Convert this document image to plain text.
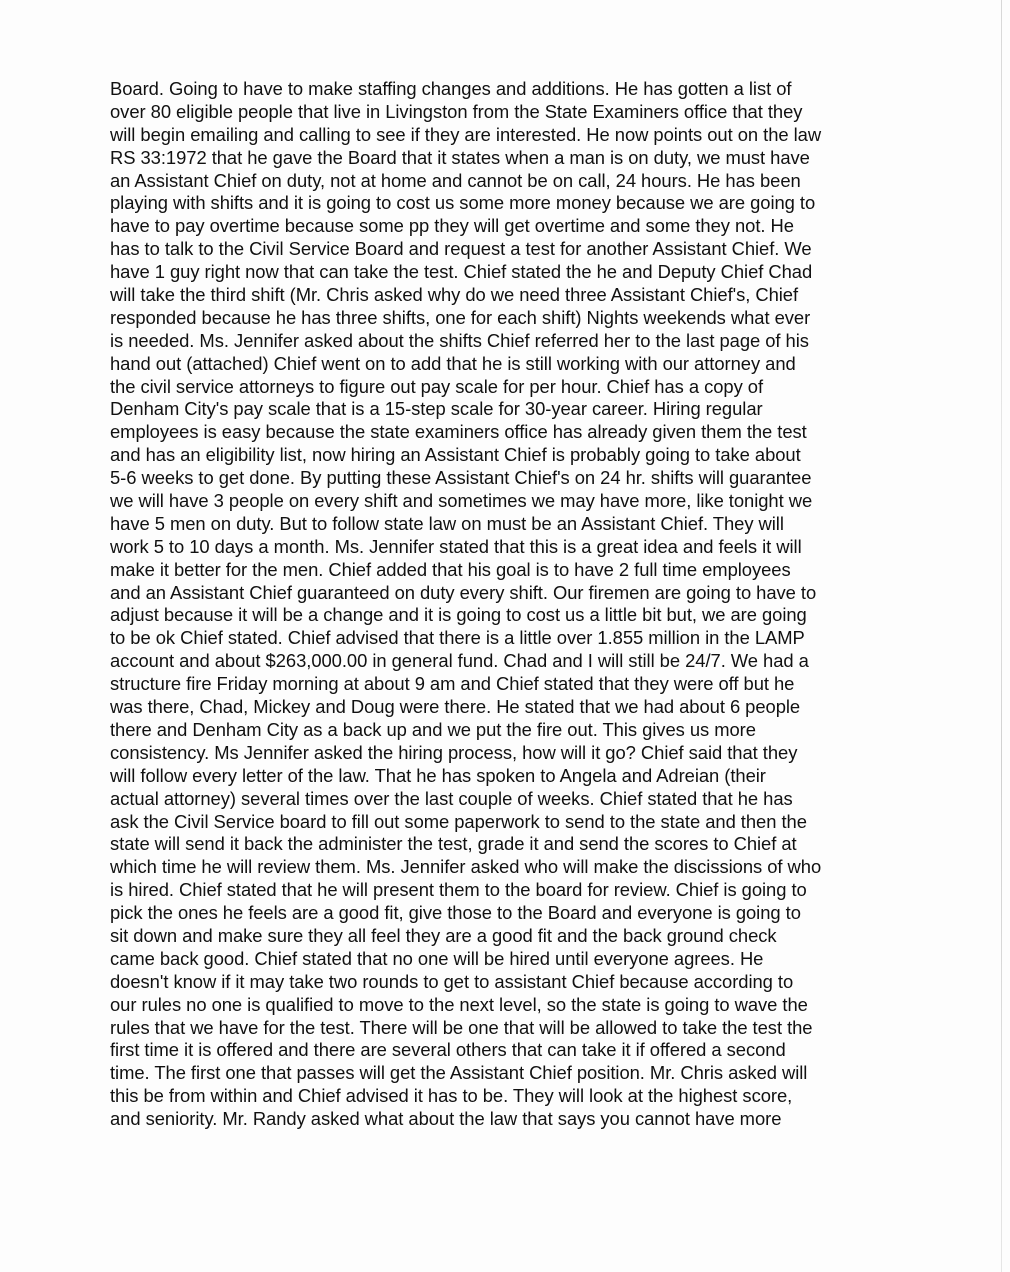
Board. Going to have to make staffing changes and additions. He has gotten a list of
over 80 eligible people that live in Livingston from the State Examiners office that they
will begin emailing and calling to see if they are interested. He now points out on the law
RS 33:1972 that he gave the Board that it states when a man is on duty, we must have
an Assistant Chief on duty, not at home and cannot be on call, 24 hours. He has been
playing with shifts and it is going to cost us some more money because we are going to
have to pay overtime because some pp they will get overtime and some they not. He
has to talk to the Civil Service Board and request a test for another Assistant Chief. We
have 1 guy right now that can take the test. Chief stated the he and Deputy Chief Chad
will take the third shift (Mr. Chris asked why do we need three Assistant Chief's, Chief
responded because he has three shifts, one for each shift) Nights weekends what ever
is needed. Ms. Jennifer asked about the shifts Chief referred her to the last page of his
hand out (attached) Chief went on to add that he is still working with our attorney and
the civil service attorneys to figure out pay scale for per hour. Chief has a copy of
Denham City's pay scale that is a 15-step scale for 30-year career. Hiring regular
employees is easy because the state examiners office has already given them the test
and has an eligibility list, now hiring an Assistant Chief is probably going to take about
5-6 weeks to get done. By putting these Assistant Chief's on 24 hr. shifts will guarantee
we will have 3 people on every shift and sometimes we may have more, like tonight we
have 5 men on duty. But to follow state law on must be an Assistant Chief. They will
work 5 to 10 days a month. Ms. Jennifer stated that this is a great idea and feels it will
make it better for the men. Chief added that his goal is to have 2 full time employees
and an Assistant Chief guaranteed on duty every shift. Our firemen are going to have to
adjust because it will be a change and it is going to cost us a little bit but, we are going
to be ok Chief stated. Chief advised that there is a little over 1.855 million in the LAMP
account and about $263,000.00 in general fund. Chad and I will still be 24/7. We had a
structure fire Friday morning at about 9 am and Chief stated that they were off but he
was there, Chad, Mickey and Doug were there. He stated that we had about 6 people
there and Denham City as a back up and we put the fire out. This gives us more
consistency. Ms Jennifer asked the hiring process, how will it go? Chief said that they
will follow every letter of the law. That he has spoken to Angela and Adreian (their
actual attorney) several times over the last couple of weeks. Chief stated that he has
ask the Civil Service board to fill out some paperwork to send to the state and then the
state will send it back the administer the test, grade it and send the scores to Chief at
which time he will review them. Ms. Jennifer asked who will make the discissions of who
is hired. Chief stated that he will present them to the board for review. Chief is going to
pick the ones he feels are a good fit, give those to the Board and everyone is going to
sit down and make sure they all feel they are a good fit and the back ground check
came back good. Chief stated that no one will be hired until everyone agrees. He
doesn't know if it may take two rounds to get to assistant Chief because according to
our rules no one is qualified to move to the next level, so the state is going to wave the
rules that we have for the test. There will be one that will be allowed to take the test the
first time it is offered and there are several others that can take it if offered a second
time. The first one that passes will get the Assistant Chief position. Mr. Chris asked will
this be from within and Chief advised it has to be. They will look at the highest score,
and seniority. Mr. Randy asked what about the law that says you cannot have more
